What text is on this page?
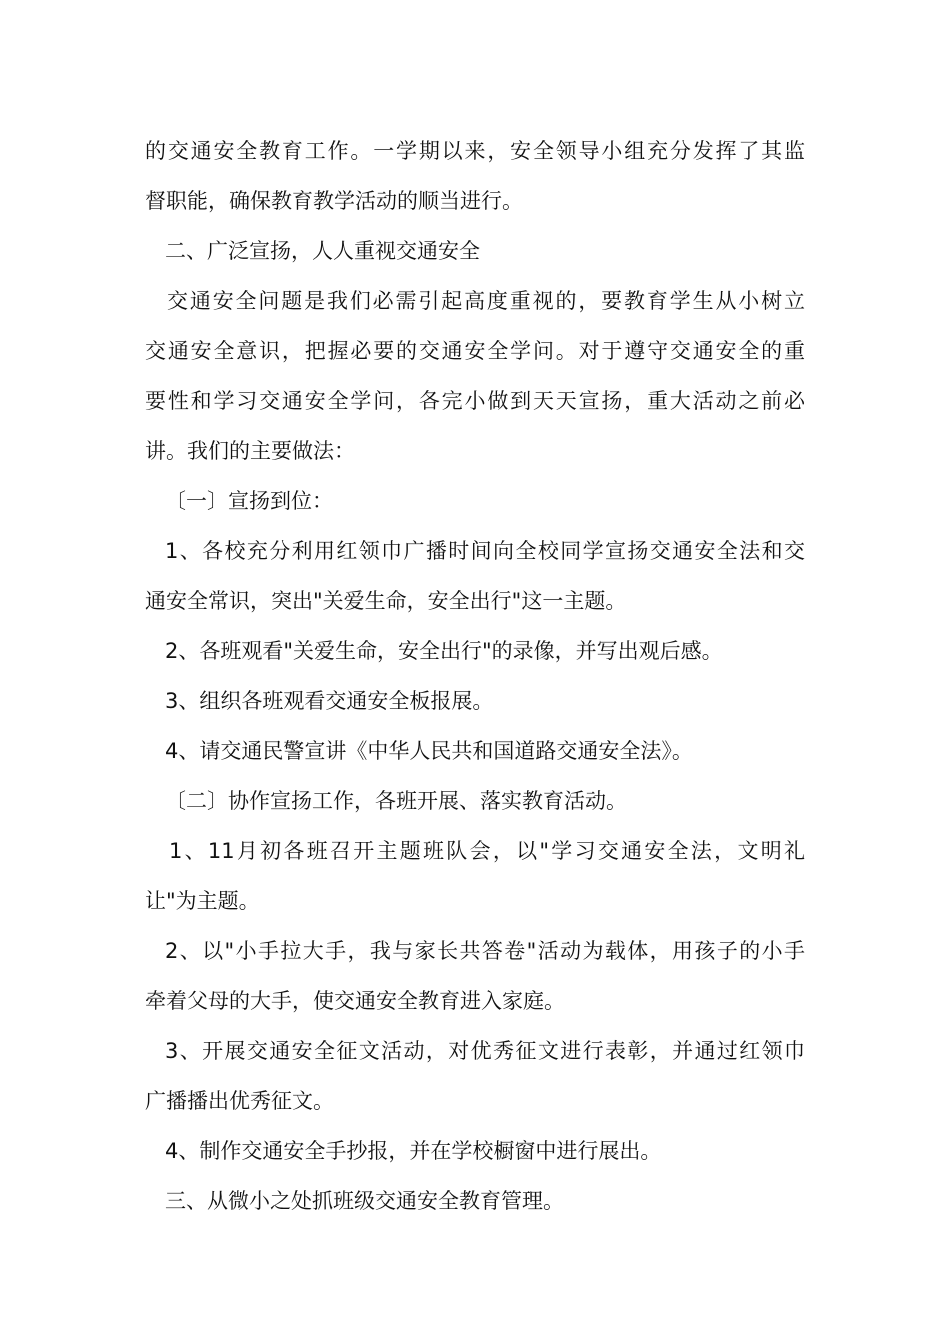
的交通安全教育工作。一学期以来，安全领导小组充分发挥了其监
督职能，确保教育教学活动的顺当进行。
二、广泛宣扬，人人重视交通安全
交通安全问题是我们必需引起高度重视的，要教育学生从小树立
交通安全意识，把握必要的交通安全学问。对于遵守交通安全的重
要性和学习交通安全学问，各完小做到天天宣扬，重大活动之前必
讲。我们的主要做法：
〔一〕宣扬到位：
1、各校充分利用红领巾广播时间向全校同学宣扬交通安全法和交
通安全常识，突出"关爱生命，安全出行"这一主题。
2、各班观看"关爱生命，安全出行"的录像，并写出观后感。
3、组织各班观看交通安全板报展。
4、请交通民警宣讲《中华人民共和国道路交通安全法》。
〔二〕协作宣扬工作，各班开展、落实教育活动。
1、11月初各班召开主题班队会，以"学习交通安全法，文明礼
让"为主题。
2、以"小手拉大手，我与家长共答卷"活动为载体，用孩子的小手
牵着父母的大手，使交通安全教育进入家庭。
3、开展交通安全征文活动，对优秀征文进行表彰，并通过红领巾
广播播出优秀征文。
4、制作交通安全手抄报，并在学校橱窗中进行展出。
三、从微小之处抓班级交通安全教育管理。
